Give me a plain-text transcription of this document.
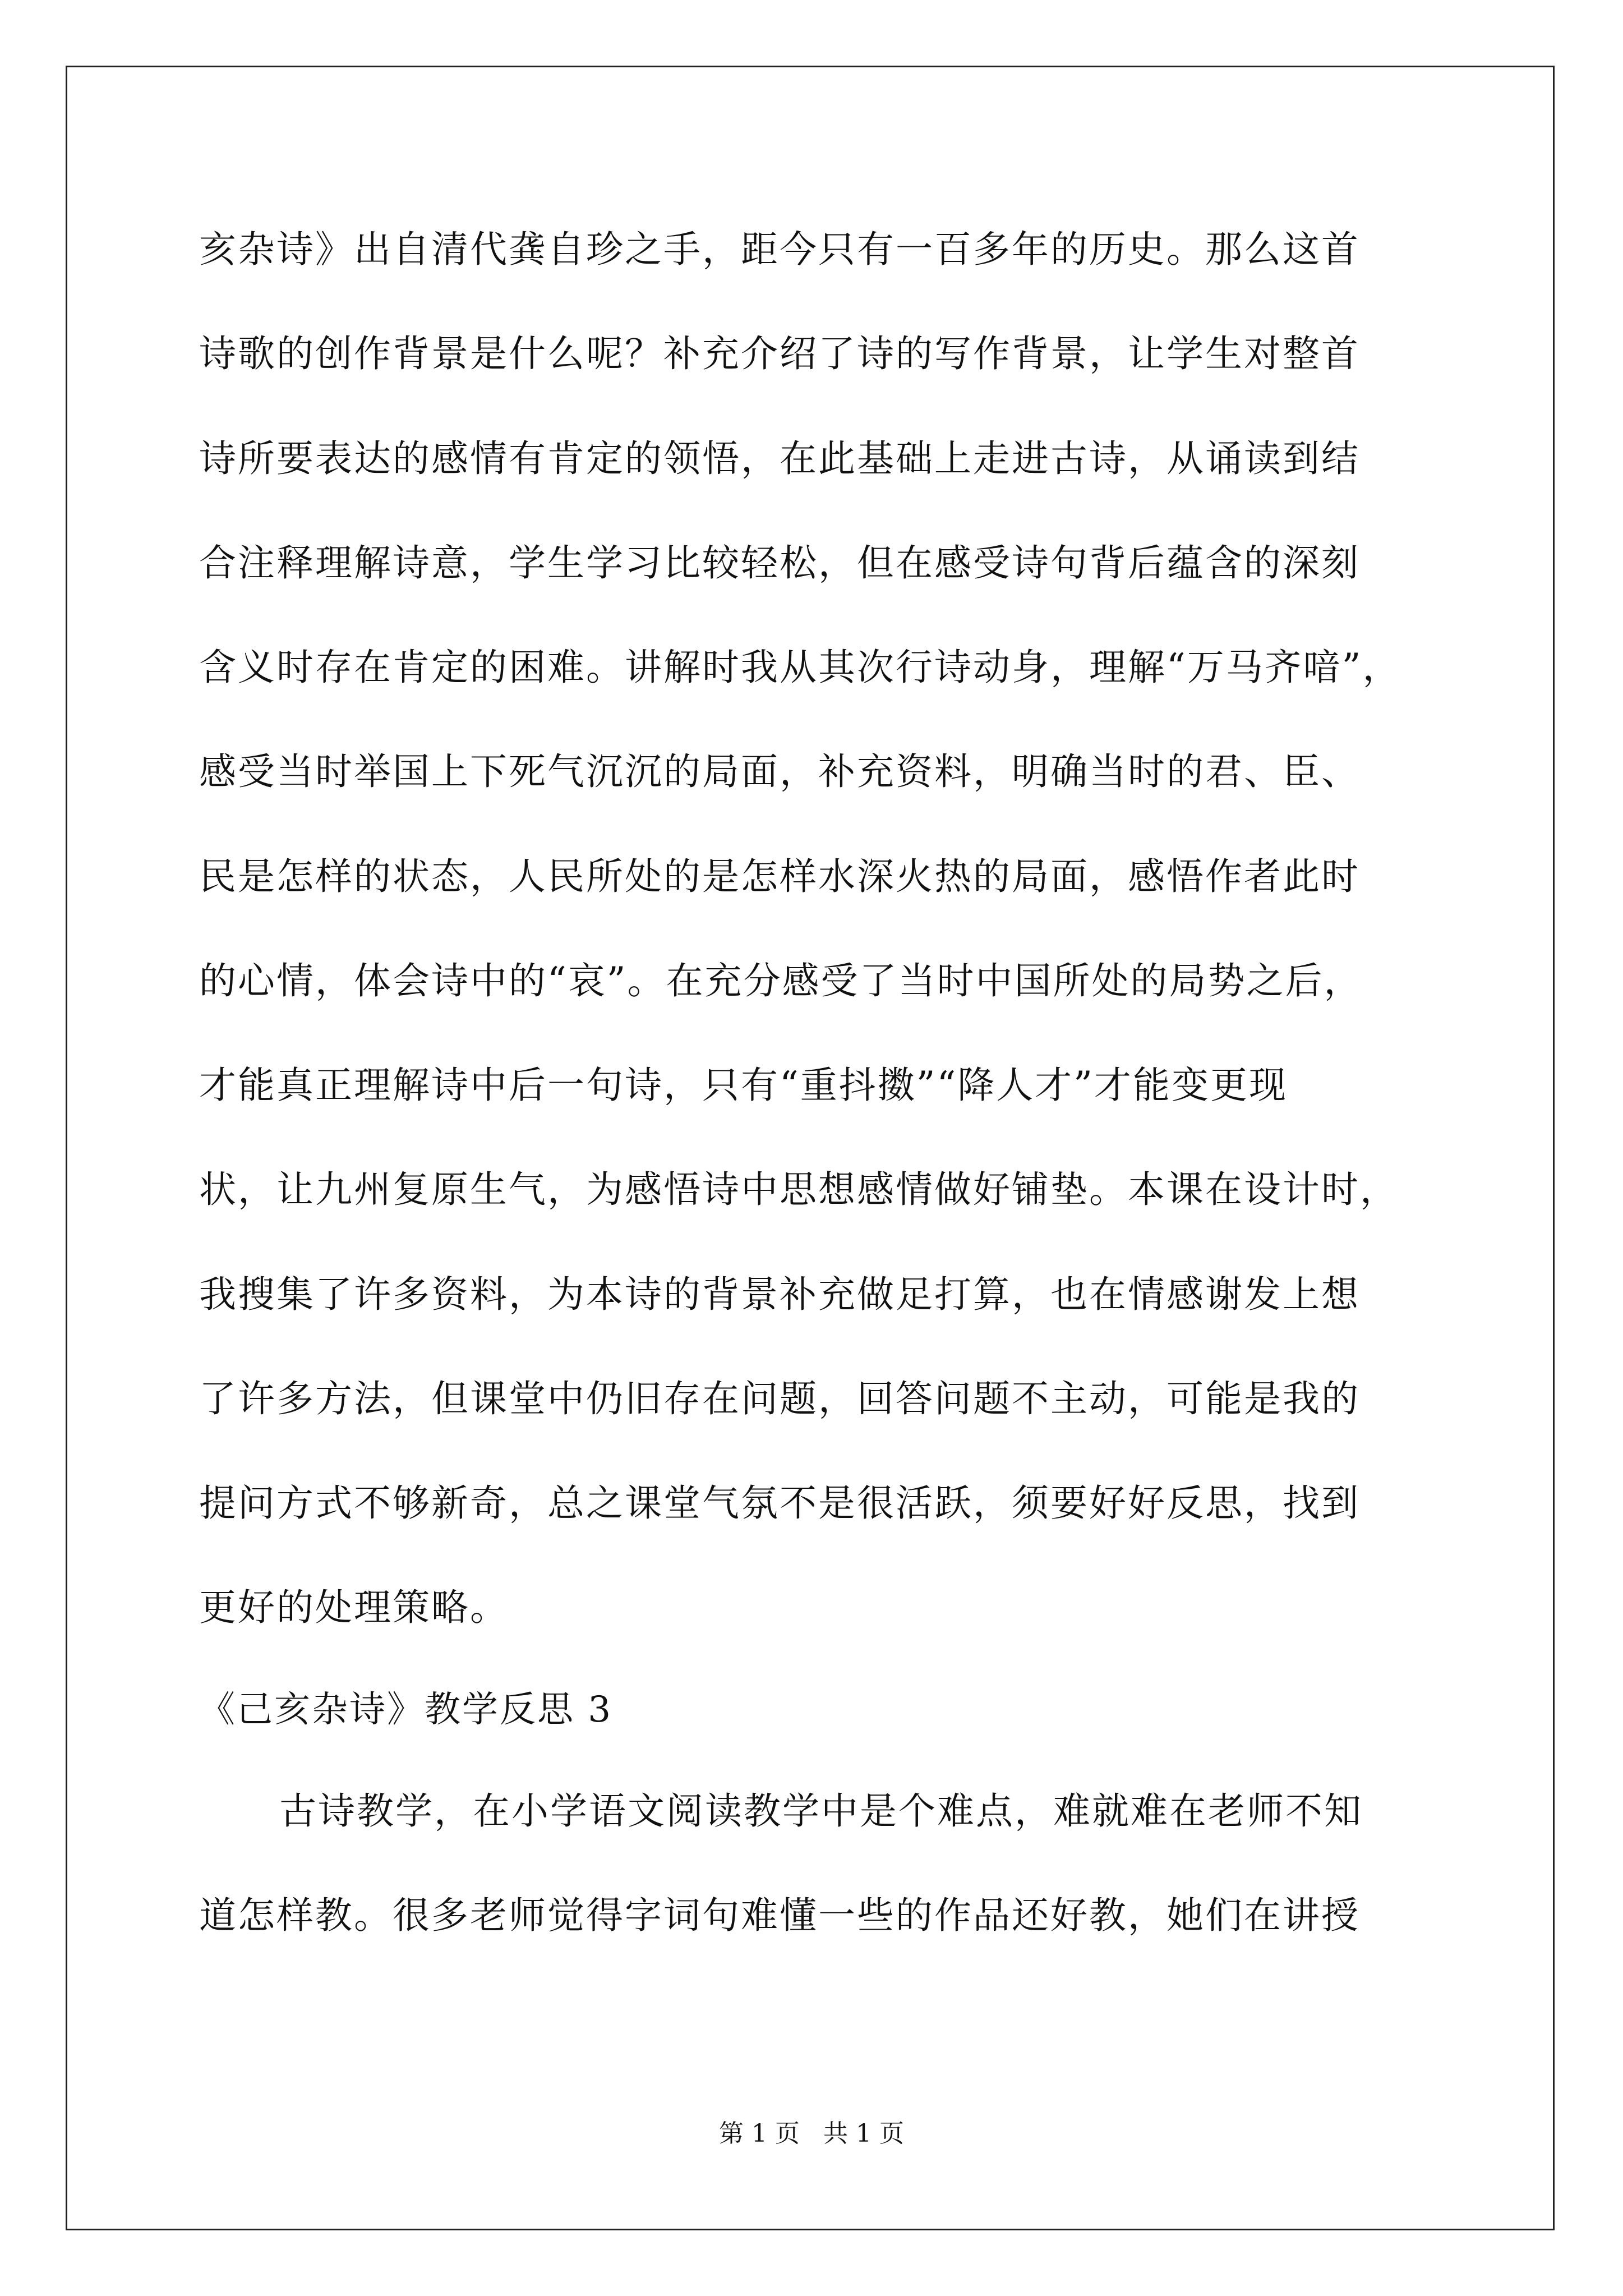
亥杂诗》出自清代龚自珍之手，距今只有一百多年的历史。那么这首
诗歌的创作背景是什么呢？补充介绍了诗的写作背景，让学生对整首
诗所要表达的感情有肯定的领悟，在此基础上走进古诗，从诵读到结
合注释理解诗意，学生学习比较轻松，但在感受诗句背后蕴含的深刻
含义时存在肯定的困难。讲解时我从其次行诗动身，理解“万马齐喑”，
感受当时举国上下死气沉沉的局面，补充资料，明确当时的君、臣、
民是怎样的状态，人民所处的是怎样水深火热的局面，感悟作者此时
的心情，体会诗中的“哀”。在充分感受了当时中国所处的局势之后，
才能真正理解诗中后一句诗，只有“重抖擞”“降人才”才能变更现
状，让九州复原生气，为感悟诗中思想感情做好铺垫。本课在设计时，
我搜集了许多资料，为本诗的背景补充做足打算，也在情感谢发上想
了许多方法，但课堂中仍旧存在问题，回答问题不主动，可能是我的
提问方式不够新奇，总之课堂气氛不是很活跃，须要好好反思，找到
更好的处理策略。
《己亥杂诗》教学反思 3
古诗教学，在小学语文阅读教学中是个难点，难就难在老师不知
道怎样教。很多老师觉得字词句难懂一些的作品还好教，她们在讲授
第 1 页   共 1 页
